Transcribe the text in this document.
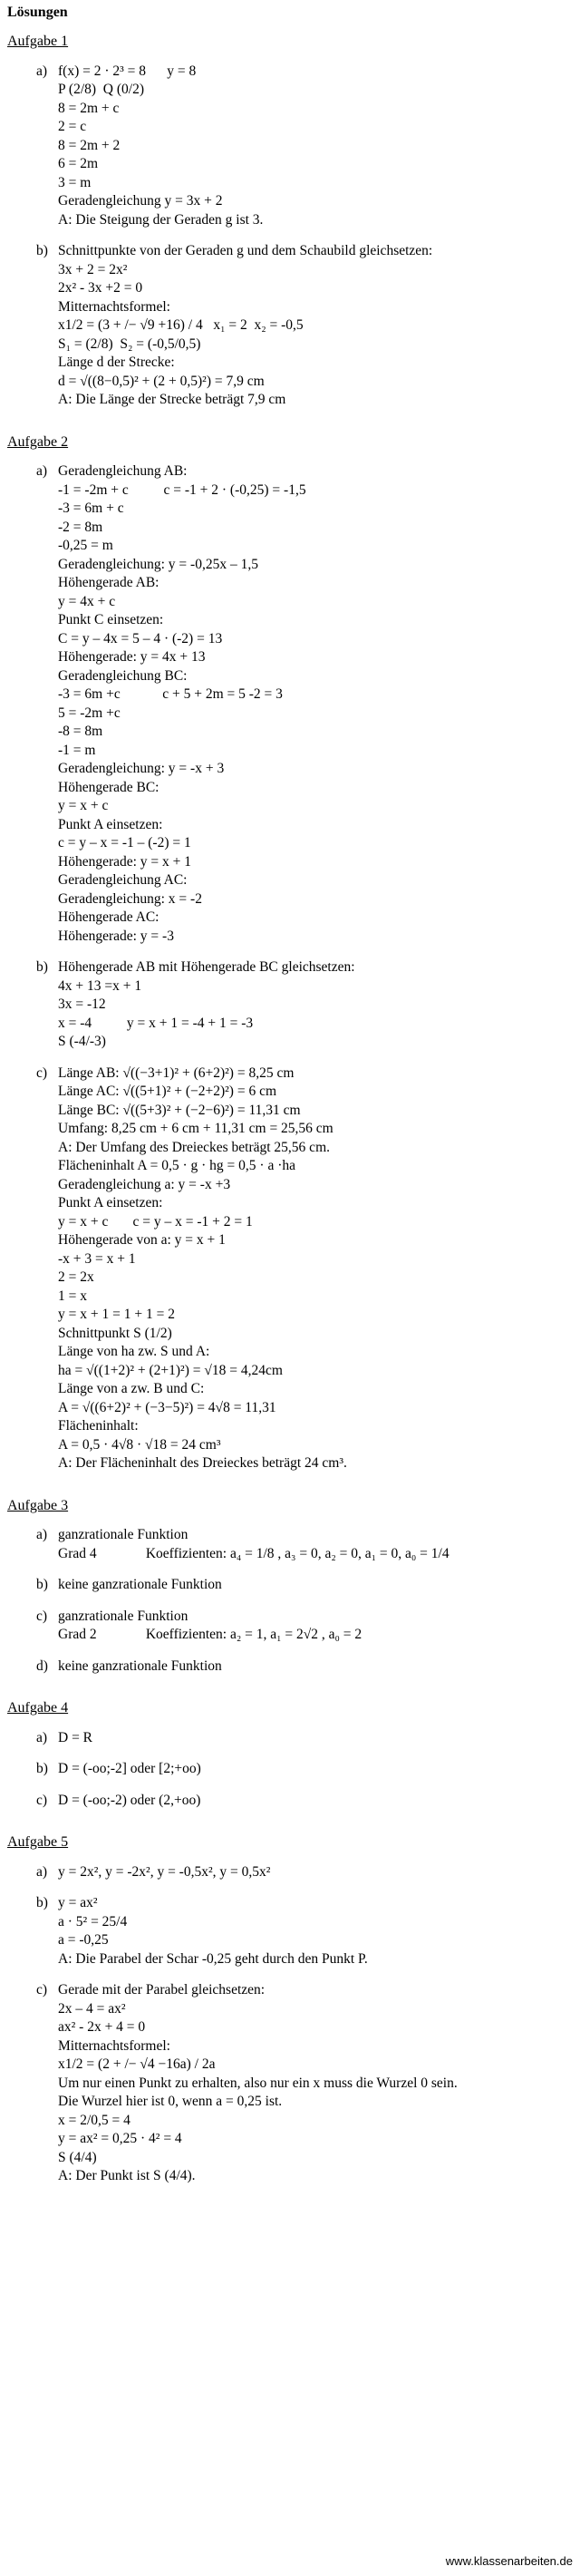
Lösungen
Aufgabe 1
a) f(x) = 2 · 2³ = 8      y = 8
P (2/8)  Q (0/2)
8 = 2m + c
2 = c
8 = 2m + 2
6 = 2m
3 = m
Geradengleichung y = 3x + 2
A: Die Steigung der Geraden g ist 3.
b) Schnittpunkte von der Geraden g und dem Schaubild gleichsetzen:
3x + 2 = 2x²
2x² - 3x +2 = 0
Mitternachtsformel:
x1/2 = (3 + /− √9 +16) / 4   x₁ = 2  x₂ = -0,5
S₁ = (2/8)  S₂ = (-0,5/0,5)
Länge d der Strecke:
d = √((8−0,5)² + (2 + 0,5)²) = 7,9 cm
A: Die Länge der Strecke beträgt 7,9 cm
Aufgabe 2
a) Geradengleichung AB:
-1 = -2m + c          c = -1 + 2 · (-0,25) = -1,5
-3 = 6m + c
-2 = 8m
-0,25 = m
Geradengleichung: y = -0,25x – 1,5
Höhengerade AB:
y = 4x + c
Punkt C einsetzen:
C = y – 4x = 5 – 4 · (-2) = 13
Höhengerade: y = 4x + 13
Geradengleichung BC:
-3 = 6m +c            c + 5 + 2m = 5 -2 = 3
5 = -2m +c
-8 = 8m
-1 = m
Geradengleichung: y = -x + 3
Höhengerade BC:
y = x + c
Punkt A einsetzen:
c = y – x = -1 – (-2) = 1
Höhengerade: y = x + 1
Geradengleichung AC:
Geradengleichung: x = -2
Höhengerade AC:
Höhengerade: y = -3
b) Höhengerade AB mit Höhengerade BC gleichsetzen:
4x + 13 =x + 1
3x = -12
x = -4          y = x + 1 = -4 + 1 = -3
S (-4/-3)
c) Länge AB: √((−3+1)² + (6+2)²) = 8,25 cm
Länge AC: √((5+1)² + (−2+2)²) = 6 cm
Länge BC: √((5+3)² + (−2−6)²) = 11,31 cm
Umfang: 8,25 cm + 6 cm + 11,31 cm = 25,56 cm
A: Der Umfang des Dreieckes beträgt 25,56 cm.
Flächeninhalt A = 0,5 · g · hg = 0,5 · a ·ha
Geradengleichung a: y = -x +3
Punkt A einsetzen:
y = x + c       c = y – x = -1 + 2 = 1
Höhengerade von a: y = x + 1
-x + 3 = x + 1
2 = 2x
1 = x
y = x + 1 = 1 + 1 = 2
Schnittpunkt S (1/2)
Länge von ha zw. S und A:
ha = √((1+2)² + (2+1)²) = √18 = 4,24cm
Länge von a zw. B und C:
A = √((6+2)² + (−3−5)²) = 4√8 = 11,31
Flächeninhalt:
A = 0,5 · 4√8 · √18 = 24 cm³
A: Der Flächeninhalt des Dreieckes beträgt 24 cm³.
Aufgabe 3
a) ganzrationale Funktion
Grad 4              Koeffizienten: a₄ = 1/8 , a₃ = 0, a₂ = 0, a₁ = 0, a₀ = 1/4
b) keine ganzrationale Funktion
c) ganzrationale Funktion
Grad 2              Koeffizienten: a₂ = 1, a₁ = 2√2 , a₀ = 2
d) keine ganzrationale Funktion
Aufgabe 4
a) D = R
b) D = (-oo;-2] oder [2;+oo)
c) D = (-oo;-2) oder (2,+oo)
Aufgabe 5
a) y = 2x², y = -2x², y = -0,5x², y = 0,5x²
b) y = ax²
a · 5² = 25/4
a = -0,25
A: Die Parabel der Schar -0,25 geht durch den Punkt P.
c) Gerade mit der Parabel gleichsetzen:
2x – 4 = ax²
ax² - 2x + 4 = 0
Mitternachtsformel:
x1/2 = (2 + /− √4 −16a) / 2a
Um nur einen Punkt zu erhalten, also nur ein x muss die Wurzel 0 sein.
Die Wurzel hier ist 0, wenn a = 0,25 ist.
x = 2/0,5 = 4
y = ax² = 0,25 · 4² = 4
S (4/4)
A: Der Punkt ist S (4/4).
www.klassenarbeiten.de
